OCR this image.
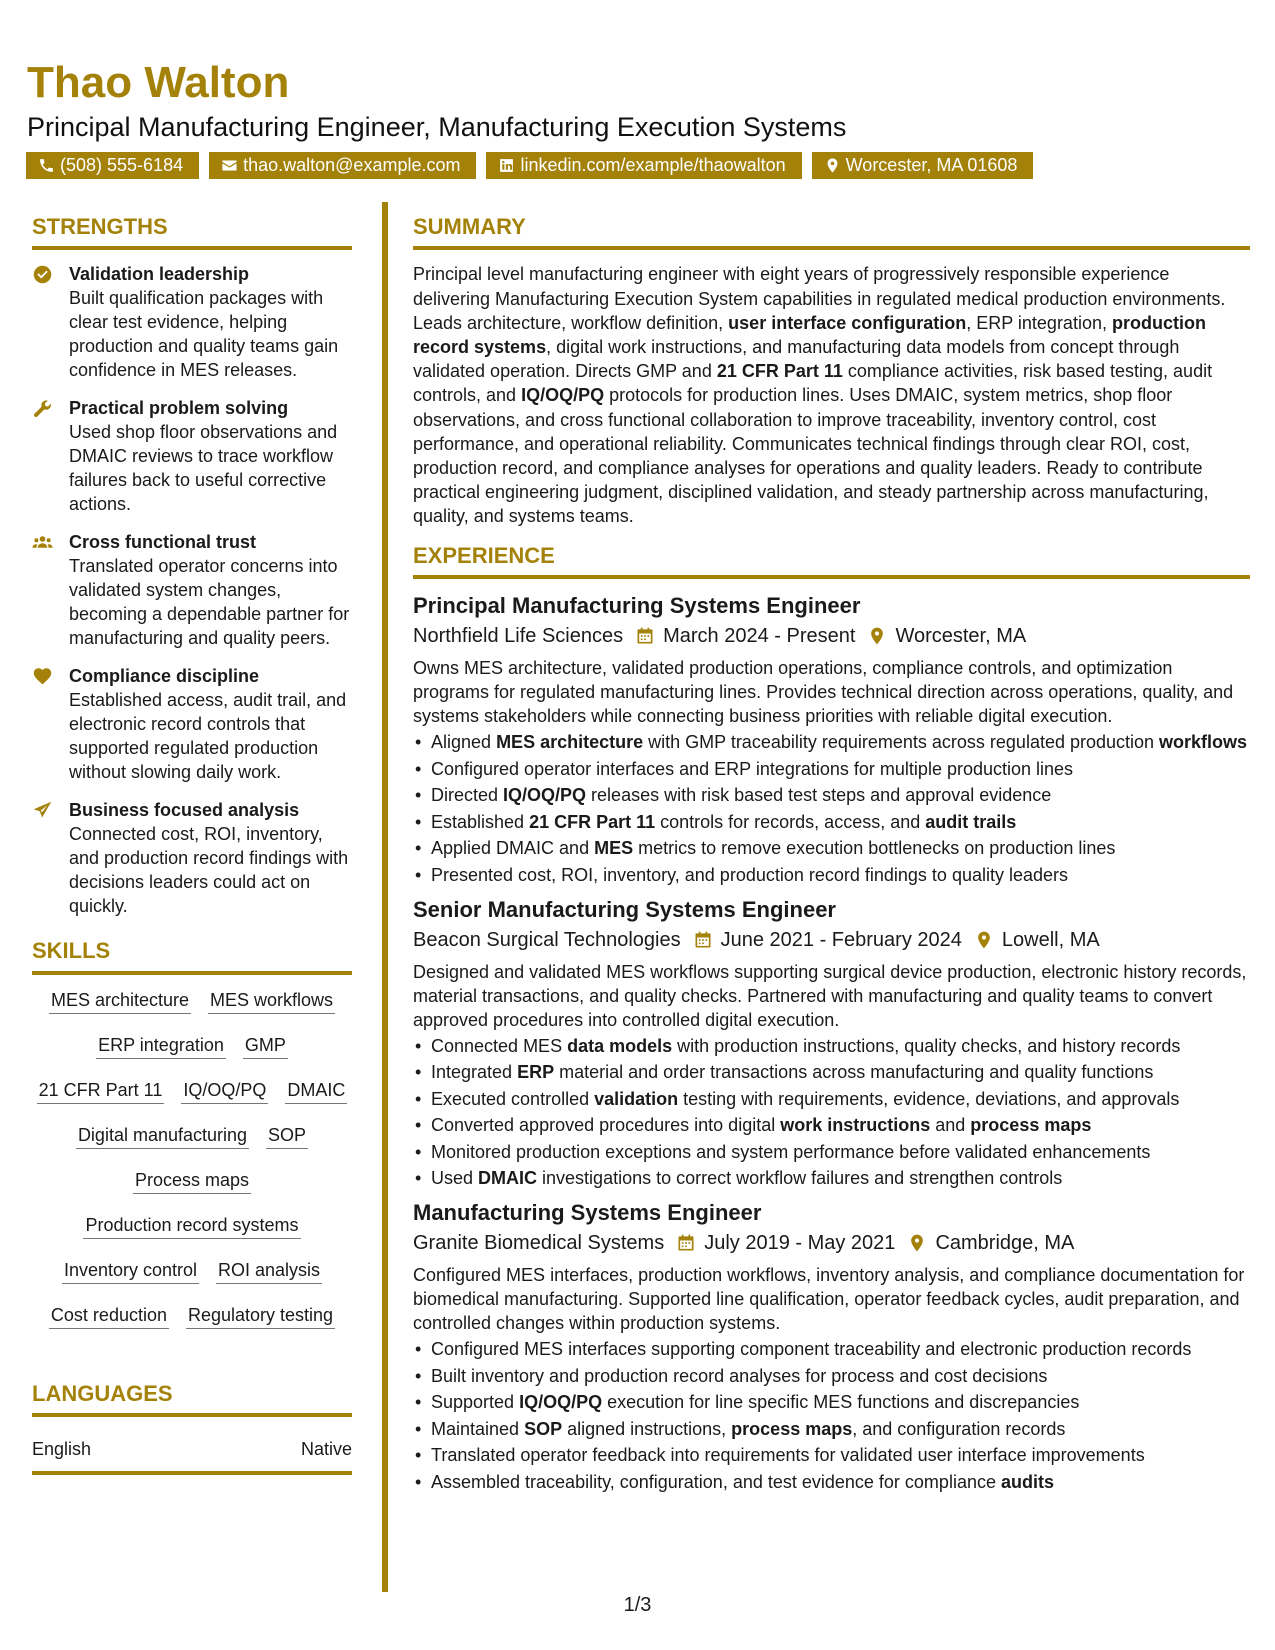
Thao Walton
Principal Manufacturing Engineer, Manufacturing Execution Systems
(508) 555-6184	thao.walton@example.com	linkedin.com/example/thaowalton	Worcester, MA 01608
STRENGTHS
Validation leadership
Built qualification packages with clear test evidence, helping production and quality teams gain confidence in MES releases.
Practical problem solving
Used shop floor observations and DMAIC reviews to trace workflow failures back to useful corrective actions.
Cross functional trust
Translated operator concerns into validated system changes, becoming a dependable partner for manufacturing and quality peers.
Compliance discipline
Established access, audit trail, and electronic record controls that supported regulated production without slowing daily work.
Business focused analysis
Connected cost, ROI, inventory, and production record findings with decisions leaders could act on quickly.
SKILLS
MES architecture MES workflows
ERP integration GMP
21 CFR Part 11 IQ/OQ/PQ DMAIC
Digital manufacturing SOP
Process maps
Production record systems
Inventory control ROI analysis
Cost reduction Regulatory testing
LANGUAGES
English	Native
SUMMARY
Principal level manufacturing engineer with eight years of progressively responsible experience delivering Manufacturing Execution System capabilities in regulated medical production environments. Leads architecture, workflow definition, user interface configuration, ERP integration, production record systems, digital work instructions, and manufacturing data models from concept through validated operation. Directs GMP and 21 CFR Part 11 compliance activities, risk based testing, audit controls, and IQ/OQ/PQ protocols for production lines. Uses DMAIC, system metrics, shop floor observations, and cross functional collaboration to improve traceability, inventory control, cost performance, and operational reliability. Communicates technical findings through clear ROI, cost, production record, and compliance analyses for operations and quality leaders. Ready to contribute practical engineering judgment, disciplined validation, and steady partnership across manufacturing, quality, and systems teams.
EXPERIENCE
Principal Manufacturing Systems Engineer
Northfield Life Sciences March 2024 - Present Worcester, MA
Owns MES architecture, validated production operations, compliance controls, and optimization programs for regulated manufacturing lines. Provides technical direction across operations, quality, and systems stakeholders while connecting business priorities with reliable digital execution.
• Aligned MES architecture with GMP traceability requirements across regulated production workflows
• Configured operator interfaces and ERP integrations for multiple production lines
• Directed IQ/OQ/PQ releases with risk based test steps and approval evidence
• Established 21 CFR Part 11 controls for records, access, and audit trails
• Applied DMAIC and MES metrics to remove execution bottlenecks on production lines
• Presented cost, ROI, inventory, and production record findings to quality leaders
Senior Manufacturing Systems Engineer
Beacon Surgical Technologies June 2021 - February 2024 Lowell, MA
Designed and validated MES workflows supporting surgical device production, electronic history records, material transactions, and quality checks. Partnered with manufacturing and quality teams to convert approved procedures into controlled digital execution.
• Connected MES data models with production instructions, quality checks, and history records
• Integrated ERP material and order transactions across manufacturing and quality functions
• Executed controlled validation testing with requirements, evidence, deviations, and approvals
• Converted approved procedures into digital work instructions and process maps
• Monitored production exceptions and system performance before validated enhancements
• Used DMAIC investigations to correct workflow failures and strengthen controls
Manufacturing Systems Engineer
Granite Biomedical Systems July 2019 - May 2021 Cambridge, MA
Configured MES interfaces, production workflows, inventory analysis, and compliance documentation for biomedical manufacturing. Supported line qualification, operator feedback cycles, audit preparation, and controlled changes within production systems.
• Configured MES interfaces supporting component traceability and electronic production records
• Built inventory and production record analyses for process and cost decisions
• Supported IQ/OQ/PQ execution for line specific MES functions and discrepancies
• Maintained SOP aligned instructions, process maps, and configuration records
• Translated operator feedback into requirements for validated user interface improvements
• Assembled traceability, configuration, and test evidence for compliance audits
1/3
